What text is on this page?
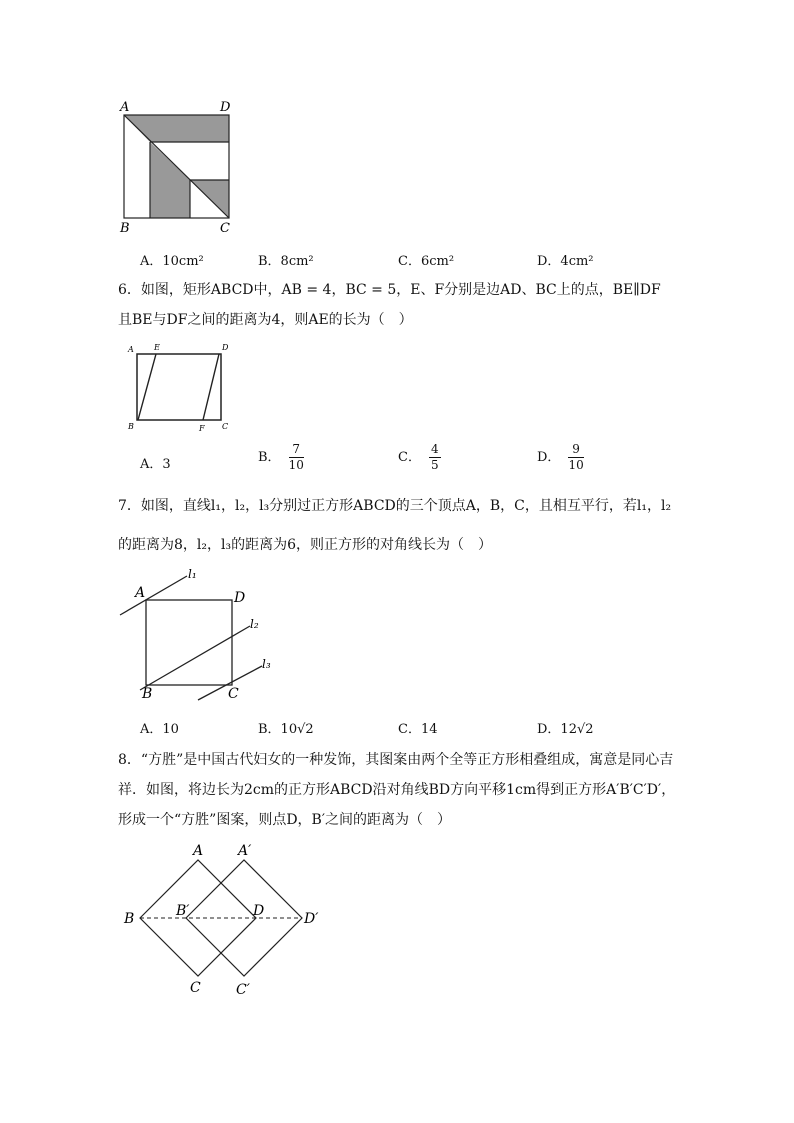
A	D
B	C
A．10cm²	B．8cm²	C．6cm²	D．4cm²
6．如图，矩形ABCD中，AB = 4，BC = 5，E、F分别是边AD、BC上的点，BE∥DF
且BE与DF之间的距离为4，则AE的长为（　）
A	E	D
B	F C
A．3	B． $\frac{7}{10}$	C． $\frac{4}{5}$	D． $\frac{9}{10}$
7．如图，直线l₁，l₂，l₃分别过正方形ABCD的三个顶点A，B，C，且相互平行，若l₁，l₂
的距离为8，l₂，l₃的距离为6，则正方形的对角线长为（　）
A	D
B	C
l₁
l₂
l₃
A．10	B．10√2	C．14	D．12√2
8．“方胜”是中国古代妇女的一种发饰，其图案由两个全等正方形相叠组成，寓意是同心吉
祥．如图，将边长为2cm的正方形ABCD沿对角线BD方向平移1cm得到正方形A′B′C′D′，
形成一个“方胜”图案，则点D，B′之间的距离为（　）
A A′
B	B′	D	D′
C	C′
